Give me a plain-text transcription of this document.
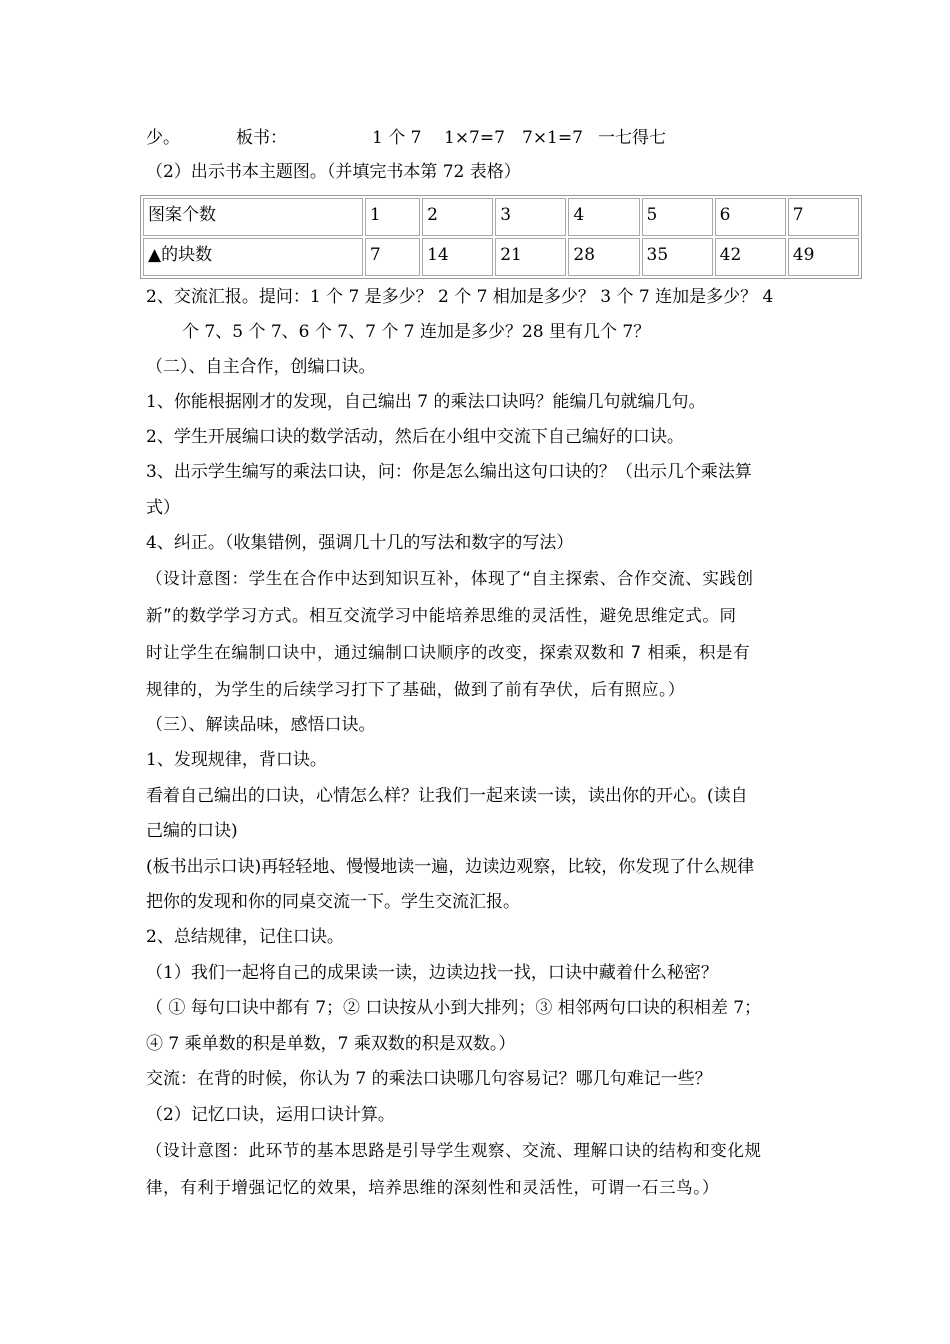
少。	板书：	1 个 7 1×7=7 7×1=7 一七得七
（2）出示书本主题图。（并填完书本第 72 表格）
图案个数	1	2	3	4	5	6	7
▲的块数	7	14	21	28	35	42	49
2、交流汇报。提问：1 个 7 是多少？ 2 个 7 相加是多少？ 3 个 7 连加是多少？ 4
个 7、5 个 7、6 个 7、7 个 7 连加是多少？28 里有几个 7？
（二）、自主合作，创编口诀。
1、你能根据刚才的发现，自己编出 7 的乘法口诀吗？能编几句就编几句。
2、学生开展编口诀的数学活动，然后在小组中交流下自己编好的口诀。
3、出示学生编写的乘法口诀，问：你是怎么编出这句口诀的？（出示几个乘法算
式）
4、纠正。（收集错例，强调几十几的写法和数字的写法）
（设计意图：学生在合作中达到知识互补，体现了“自主探索、合作交流、实践创
新”的数学学习方式。相互交流学习中能培养思维的灵活性，避免思维定式。同
时让学生在编制口诀中，通过编制口诀顺序的改变，探索双数和 7 相乘，积是有
规律的，为学生的后续学习打下了基础，做到了前有孕伏，后有照应。）
（三）、解读品味，感悟口诀。
1、发现规律，背口诀。
看着自己编出的口诀，心情怎么样？让我们一起来读一读，读出你的开心。(读自
己编的口诀)
(板书出示口诀)再轻轻地、慢慢地读一遍，边读边观察，比较，你发现了什么规律
把你的发现和你的同桌交流一下。学生交流汇报。
2、总结规律，记住口诀。
（1）我们一起将自己的成果读一读，边读边找一找，口诀中藏着什么秘密？
（ ① 每句口诀中都有 7；② 口诀按从小到大排列；③ 相邻两句口诀的积相差 7；
④ 7 乘单数的积是单数，7 乘双数的积是双数。）
交流：在背的时候，你认为 7 的乘法口诀哪几句容易记？哪几句难记一些？
（2）记忆口诀，运用口诀计算。
（设计意图：此环节的基本思路是引导学生观察、交流、理解口诀的结构和变化规
律，有利于增强记忆的效果，培养思维的深刻性和灵活性，可谓一石三鸟。）
